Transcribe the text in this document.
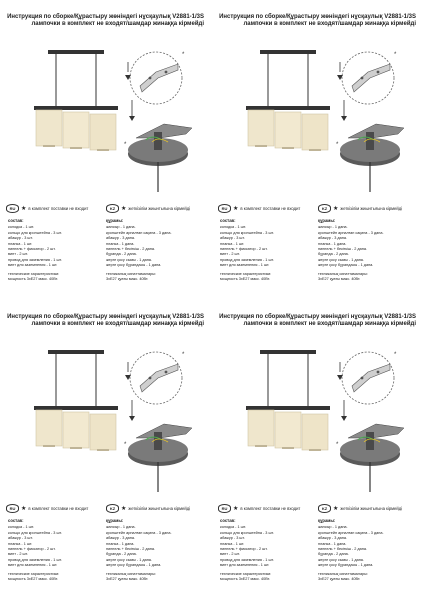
Инструкция по сборке/Құрастыру жөніндегі нұсқаулық V2881-1/3S
лампочки в комплект не входят/шамдар жинаққа кірмейді
*
*
RU ★ в комплект поставки не входит	KZ ★ жеткізілім жиынтығына кірмейді
состав:
колодка - 1 шт.
кольцо для кронштейна - 3 шт.
абажур - 3 шт.
планка - 1 шт.
ниппель + фиксатор - 2 шт.
винт - 2 шт.
провод для заземления - 1 шт.
винт для заземления - 1 шт.
технические характеристики:
мощность 3xE27 макс. 40Вт.
құрамы:
жапсыр - 1 дана.
кронштейн арналған сақина - 3 дана.
абажур - 3 дана.
планка - 1 дана.
ниппель + бекіткіш - 2 дана.
бұранда - 2 дана.
жерге қосу сымы - 1 дана.
жерге қосу бұрандасы - 1 дана.
техникалық сипаттамалары:
3xE27 қуаты макс. 40Вт.
Инструкция по сборке/Құрастыру жөніндегі нұсқаулық V2881-1/3S
лампочки в комплект не входят/шамдар жинаққа кірмейді
*
*
RU ★ в комплект поставки не входит	KZ ★ жеткізілім жиынтығына кірмейді
состав:
колодка - 1 шт.
кольцо для кронштейна - 3 шт.
абажур - 3 шт.
планка - 1 шт.
ниппель + фиксатор - 2 шт.
винт - 2 шт.
провод для заземления - 1 шт.
винт для заземления - 1 шт.
технические характеристики:
мощность 3xE27 макс. 40Вт.
құрамы:
жапсыр - 1 дана.
кронштейн арналған сақина - 3 дана.
абажур - 3 дана.
планка - 1 дана.
ниппель + бекіткіш - 2 дана.
бұранда - 2 дана.
жерге қосу сымы - 1 дана.
жерге қосу бұрандасы - 1 дана.
техникалық сипаттамалары:
3xE27 қуаты макс. 40Вт.
Инструкция по сборке/Құрастыру жөніндегі нұсқаулық V2881-1/3S
лампочки в комплект не входят/шамдар жинаққа кірмейді
*
*
RU ★ в комплект поставки не входит	KZ ★ жеткізілім жиынтығына кірмейді
состав:
колодка - 1 шт.
кольцо для кронштейна - 3 шт.
абажур - 3 шт.
планка - 1 шт.
ниппель + фиксатор - 2 шт.
винт - 2 шт.
провод для заземления - 1 шт.
винт для заземления - 1 шт.
технические характеристики:
мощность 3xE27 макс. 40Вт.
құрамы:
жапсыр - 1 дана.
кронштейн арналған сақина - 3 дана.
абажур - 3 дана.
планка - 1 дана.
ниппель + бекіткіш - 2 дана.
бұранда - 2 дана.
жерге қосу сымы - 1 дана.
жерге қосу бұрандасы - 1 дана.
техникалық сипаттамалары:
3xE27 қуаты макс. 40Вт.
Инструкция по сборке/Құрастыру жөніндегі нұсқаулық V2881-1/3S
лампочки в комплект не входят/шамдар жинаққа кірмейді
*
*
RU ★ в комплект поставки не входит	KZ ★ жеткізілім жиынтығына кірмейді
состав:
колодка - 1 шт.
кольцо для кронштейна - 3 шт.
абажур - 3 шт.
планка - 1 шт.
ниппель + фиксатор - 2 шт.
винт - 2 шт.
провод для заземления - 1 шт.
винт для заземления - 1 шт.
технические характеристики:
мощность 3xE27 макс. 40Вт.
құрамы:
жапсыр - 1 дана.
кронштейн арналған сақина - 3 дана.
абажур - 3 дана.
планка - 1 дана.
ниппель + бекіткіш - 2 дана.
бұранда - 2 дана.
жерге қосу сымы - 1 дана.
жерге қосу бұрандасы - 1 дана.
техникалық сипаттамалары:
3xE27 қуаты макс. 40Вт.
